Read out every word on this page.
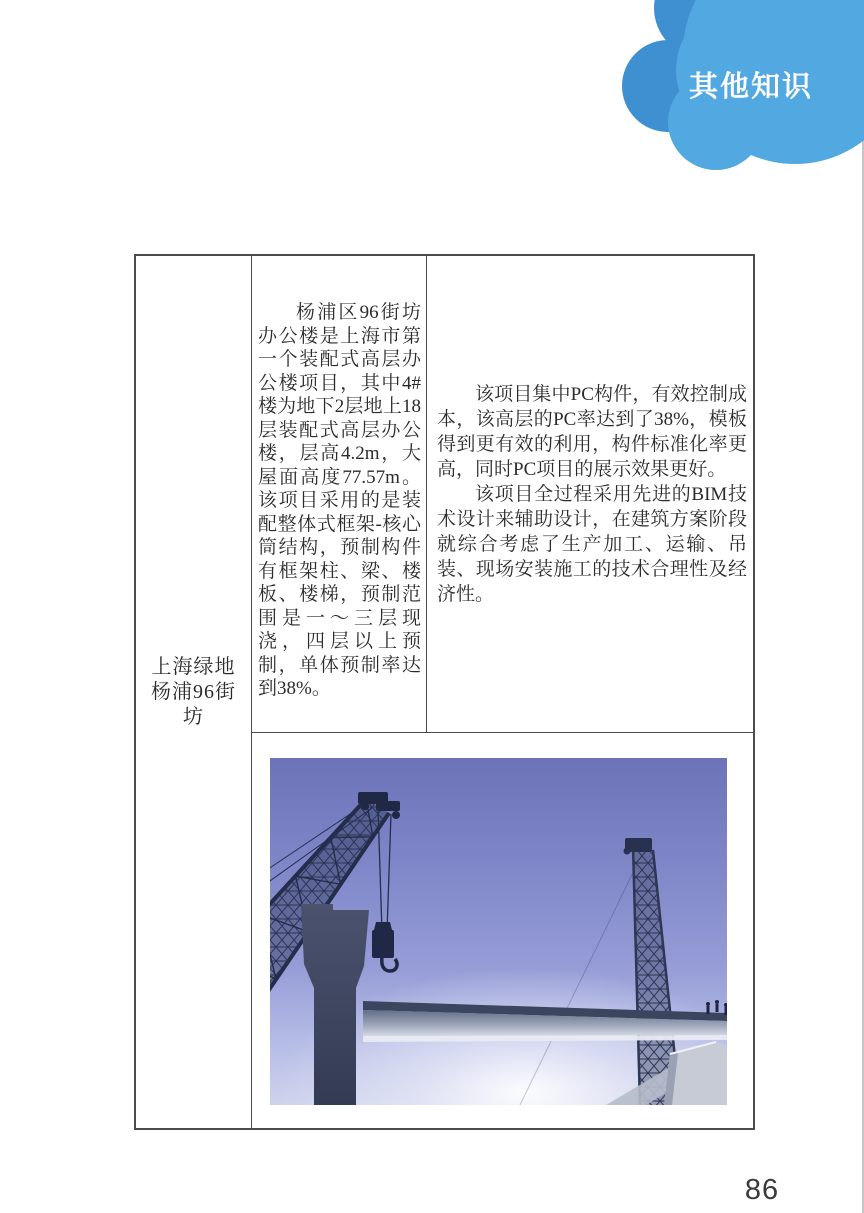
其他知识
上海绿地杨浦96街坊

杨浦区96街坊办公楼是上海市第一个装配式高层办公楼项目，其中4#楼为地下2层地上18层装配式高层办公楼，层高4.2m，大屋面高度77.57m。该项目采用的是装配整体式框架-核心筒结构，预制构件有框架柱、梁、楼板、楼梯，预制范围是一～三层现浇，四层以上预制，单体预制率达到38%。

该项目集中PC构件，有效控制成本，该高层的PC率达到了38%，模板得到更有效的利用，构件标准化率更高，同时PC项目的展示效果更好。

该项目全过程采用先进的BIM技术设计来辅助设计，在建筑方案阶段就综合考虑了生产加工、运输、吊装、现场安装施工的技术合理性及经济性。

86
